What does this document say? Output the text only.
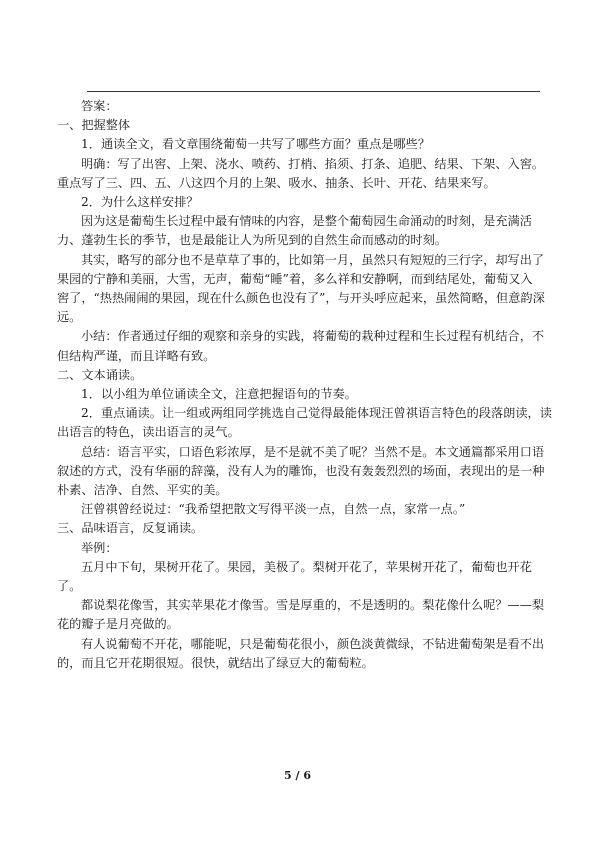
答案：
一、把握整体
1．通读全文，看文章围绕葡萄一共写了哪些方面？重点是哪些？
明确：写了出窖、上架、浇水、喷药、打梢、掐须、打条、追肥、结果、下架、入窖。
重点写了三、四、五、八这四个月的上架、吸水、抽条、长叶、开花、结果来写。
2．为什么这样安排？
因为这是葡萄生长过程中最有情味的内容，是整个葡萄园生命涌动的时刻，是充满活
力、蓬勃生长的季节，也是最能让人为所见到的自然生命而感动的时刻。
其实，略写的部分也不是草草了事的，比如第一月，虽然只有短短的三行字，却写出了
果园的宁静和美丽，大雪，无声，葡萄“睡”着，多么祥和安静啊，而到结尾处，葡萄又入
窖了，“热热闹闹的果园，现在什么颜色也没有了”，与开头呼应起来，虽然简略，但意韵深
远。
小结：作者通过仔细的观察和亲身的实践，将葡萄的栽种过程和生长过程有机结合，不
但结构严谨，而且详略有致。
二、文本诵读。
1．以小组为单位诵读全文，注意把握语句的节奏。
2．重点诵读。让一组或两组同学挑选自己觉得最能体现汪曾祺语言特色的段落朗读，读
出语言的特色，读出语言的灵气。
总结：语言平实，口语色彩浓厚，是不是就不美了呢？当然不是。本文通篇都采用口语
叙述的方式，没有华丽的辞藻，没有人为的雕饰，也没有轰轰烈烈的场面，表现出的是一种
朴素、洁净、自然、平实的美。
汪曾祺曾经说过：“我希望把散文写得平淡一点，自然一点，家常一点。”
三、品味语言，反复诵读。
举例：
五月中下旬，果树开花了。果园，美极了。梨树开花了，苹果树开花了，葡萄也开花
了。
都说梨花像雪，其实苹果花才像雪。雪是厚重的，不是透明的。梨花像什么呢？——梨
花的瓣子是月亮做的。
有人说葡萄不开花，哪能呢，只是葡萄花很小，颜色淡黄微绿，不钻进葡萄架是看不出
的，而且它开花期很短。很快，就结出了绿豆大的葡萄粒。
5 / 6
